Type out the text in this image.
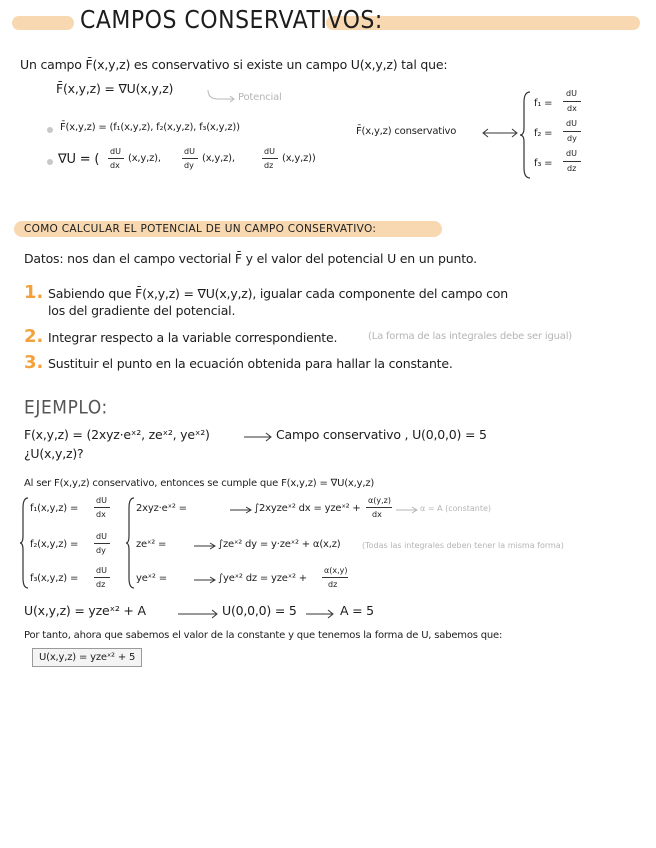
CAMPOS CONSERVATIVOS:
Un campo F̄(x,y,z) es conservativo si existe un campo U(x,y,z) tal que:
F̄(x,y,z) = ∇U(x,y,z)
Potencial
F̄(x,y,z) = (f₁(x,y,z), f₂(x,y,z), f₃(x,y,z))
∇U = (
dU
dx
(x,y,z),
dU
dy
(x,y,z),
dU
dz
(x,y,z))
F̄(x,y,z) conservativo
f₁ =
dU
dx
f₂ =
dU
dy
f₃ =
dU
dz
COMO CALCULAR EL POTENCIAL DE UN CAMPO CONSERVATIVO:
Datos: nos dan el campo vectorial F̄ y el valor del potencial U en un punto.
1. Sabiendo que F̄(x,y,z) = ∇U(x,y,z), igualar cada componente del campo con
los del gradiente del potencial.
2. Integrar respecto a la variable correspondiente.	(La forma de las integrales debe ser igual)
3. Sustituir el punto en la ecuación obtenida para hallar la constante.
EJEMPLO:
F(x,y,z) = (2xyz·eˣ², zeˣ², yeˣ²)	Campo conservativo , U(0,0,0) = 5
¿U(x,y,z)?
Al ser F(x,y,z) conservativo, entonces se cumple que F(x,y,z) = ∇U(x,y,z)
f₁(x,y,z) =
dU
dx
2xyz·eˣ² =	∫2xyzeˣ² dx = yzeˣ² +
α(y,z)
dx
α = A (constante)
f₂(x,y,z) =
dU
dy
zeˣ² =	∫zeˣ² dy = y·zeˣ² + α(x,z)	(Todas las integrales deben tener la misma forma)
f₃(x,y,z) =
dU
dz
yeˣ² =	∫yeˣ² dz = yzeˣ² +
α(x,y)
dz
U(x,y,z) = yzeˣ² + A	U(0,0,0) = 5	A = 5
Por tanto, ahora que sabemos el valor de la constante y que tenemos la forma de U, sabemos que:
U(x,y,z) = yzeˣ² + 5
